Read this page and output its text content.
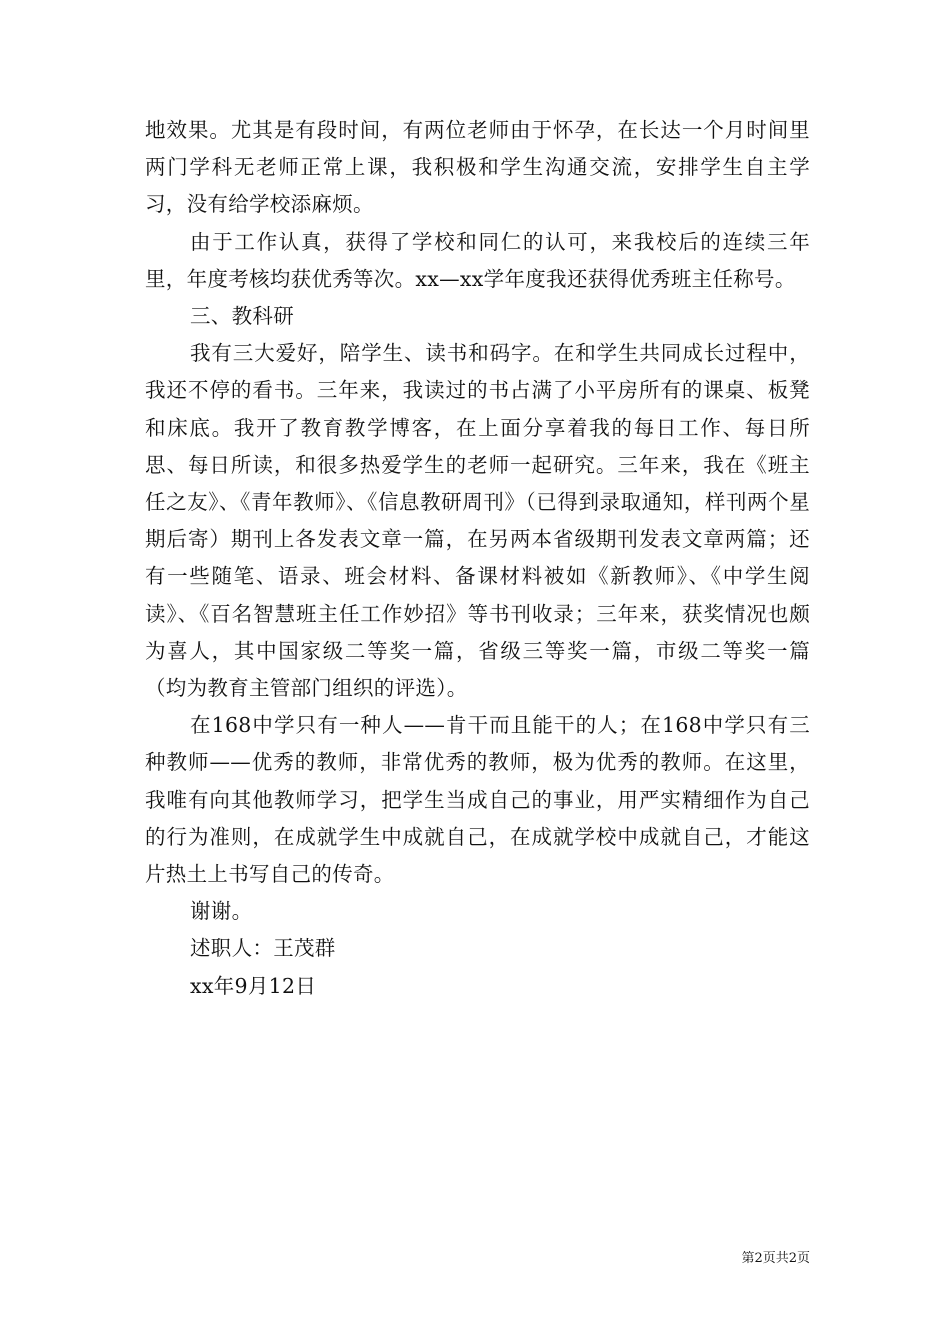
地效果。尤其是有段时间，有两位老师由于怀孕，在长达一个月时间里两门学科无老师正常上课，我积极和学生沟通交流，安排学生自主学习，没有给学校添麻烦。

由于工作认真，获得了学校和同仁的认可，来我校后的连续三年里，年度考核均获优秀等次。xx—xx学年度我还获得优秀班主任称号。

三、教科研

我有三大爱好，陪学生、读书和码字。在和学生共同成长过程中，我还不停的看书。三年来，我读过的书占满了小平房所有的课桌、板凳和床底。我开了教育教学博客，在上面分享着我的每日工作、每日所思、每日所读，和很多热爱学生的老师一起研究。三年来，我在《班主任之友》、《青年教师》、《信息教研周刊》（已得到录取通知，样刊两个星期后寄）期刊上各发表文章一篇，在另两本省级期刊发表文章两篇；还有一些随笔、语录、班会材料、备课材料被如《新教师》、《中学生阅读》、《百名智慧班主任工作妙招》等书刊收录；三年来，获奖情况也颇为喜人，其中国家级二等奖一篇，省级三等奖一篇，市级二等奖一篇（均为教育主管部门组织的评选）。

在168中学只有一种人——肯干而且能干的人；在168中学只有三种教师——优秀的教师，非常优秀的教师，极为优秀的教师。在这里，我唯有向其他教师学习，把学生当成自己的事业，用严实精细作为自己的行为准则，在成就学生中成就自己，在成就学校中成就自己，才能这片热土上书写自己的传奇。

谢谢。

述职人：王茂群

xx年9月12日

第2页共2页
